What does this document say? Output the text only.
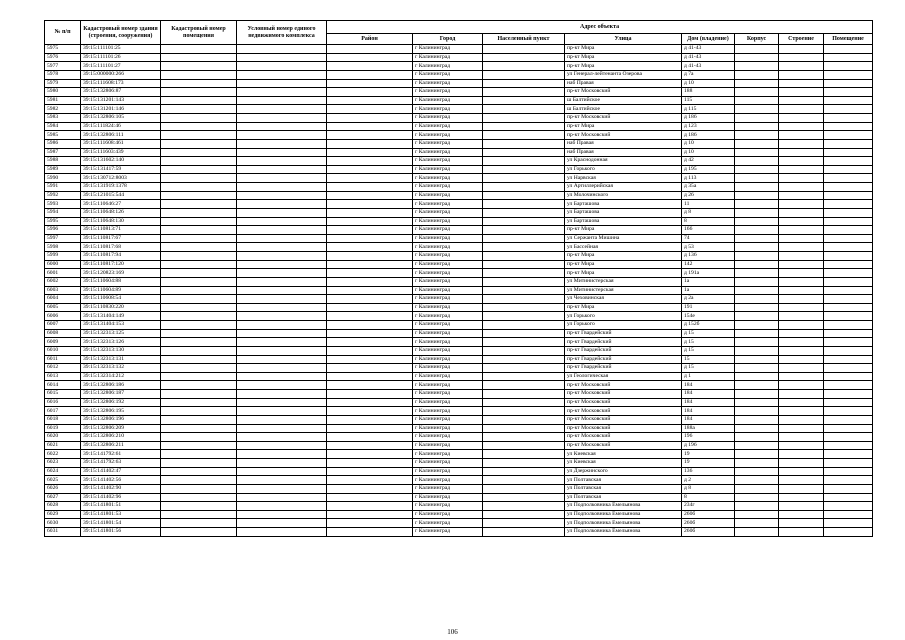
№ п/п	Кадастровый номер здания (строения, сооружения)	Кадастровый номер помещения	Условный номер единого недвижимого комплекса	Адрес объекта							
				Район	Город	Населенный пункт	Улица	Дом (владение)	Корпус	Строение	Помещение
5975	39:15:111101:25				г Калининград		пр-кт Мира	д 41-43			
5976	39:15:111101:26				г Калининград		пр-кт Мира	д 41-43			
5977	39:15:111101:27				г Калининград		пр-кт Мира	д 41-43			
5978	39:15:000000:266				г Калининград		ул Генерал-лейтенанта Озерова	д 7а			
5979	39:15:111608:173				г Калининград		наб Правая	д 10			
5980	39:15:132806:87				г Калининград		пр-кт Московский	188			
5981	39:15:131201:143				г Калининград		ш Балтийское	115			
5982	39:15:131201:146				г Калининград		ш Балтийское	д 115			
5983	39:15:132806:105				г Калининград		пр-кт Московский	д 186			
5984	39:15:111824:46				г Калининград		пр-кт Мира	д 123			
5985	39:15:132806:111				г Калининград		пр-кт Московский	д 186			
5986	39:15:111608:461				г Калининград		наб Правая	д 10			
5987	39:15:111603:439				г Калининград		наб Правая	д 10			
5988	39:15:131602:140				г Калининград		ул Краснодонная	д 42			
5989	39:15:131417:59				г Калининград		ул Горького	д 195			
5990	39:15:130712:8003				г Калининград		ул Нарвская	д 113			
5991	39:15:131919:1378				г Калининград		ул Артиллерийская	д 35а			
5992	39:15:121015:544				г Калининград		ул Молочинского	д 26			
5993	39:15:110646:27				г Калининград		ул Барташова	11			
5994	39:15:110648:126				г Калининград		ул Барташова	д 8			
5995	39:15:110648:130				г Калининград		ул Барташова	8			
5996	39:15:110813:71				г Калининград		пр-кт Мира	166			
5997	39:15:110817:67				г Калининград		ул Сержанта Мишина	74			
5998	39:15:110817:68				г Калининград		ул Бассейная	д 53			
5999	39:15:110817:94				г Калининград		пр-кт Мира	д 136			
6000	39:15:110817:120				г Калининград		пр-кт Мира	142			
6001	39:15:120823:169				г Калининград		пр-кт Мира	д 191а			
6002	39:15:110604:88				г Калининград		ул Митинистерская	1а			
6003	39:15:110604:89				г Калининград		ул Митинистерская	1а			
6004	39:15:110608:54				г Калининград		ул Чеховинская	д 2а			
6005	39:15:110830:220				г Калининград		пр-кт Мира	191			
6006	39:15:131404:149				г Калининград		ул Горького	154е			
6007	39:15:131404:153				г Калининград		ул Горького	д 152б			
6008	39:15:132313:125				г Калининград		пр-кт Гвардейский	д 15			
6009	39:15:132313:126				г Калининград		пр-кт Гвардейский	д 15			
6010	39:15:132313:130				г Калининград		пр-кт Гвардейский	д 15			
6011	39:15:132313:131				г Калининград		пр-кт Гвардейский	15			
6012	39:15:132313:132				г Калининград		пр-кт Гвардейский	д 15			
6013	39:15:132314:212				г Калининград		ул Геологическая	д 1			
6014	39:15:132806:186				г Калининград		пр-кт Московский	184			
6015	39:15:132806:187				г Калининград		пр-кт Московский	184			
6016	39:15:132806:192				г Калининград		пр-кт Московский	184			
6017	39:15:132806:195				г Калининград		пр-кт Московский	184			
6018	39:15:132806:196				г Калининград		пр-кт Московский	184			
6019	39:15:132806:209				г Калининград		пр-кт Московский	188а			
6020	39:15:132806:210				г Калининград		пр-кт Московский	196			
6021	39:15:132806:211				г Калининград		пр-кт Московский	д 196			
6022	39:15:141792:61				г Калининград		ул Киевская	19			
6023	39:15:141792:63				г Калининград		ул Киевская	19			
6024	39:15:141402:47				г Калининград		ул Дзержинского	136			
6025	39:15:141402:56				г Калининград		ул Полтавская	д 2			
6026	39:15:141402:90				г Калининград		ул Полтавская	д 8			
6027	39:15:141402:96				г Калининград		ул Полтавская	8			
6028	39:15:141801:51				г Калининград		ул Подполковника Емельянова	234г			
6029	39:15:141801:53				г Калининград		ул Подполковника Емельянова	260б			
6030	39:15:141801:54				г Калининград		ул Подполковника Емельянова	260б			
6031	39:15:141801:56				г Калининград		ул Подполковника Емельянова	260б			
106
